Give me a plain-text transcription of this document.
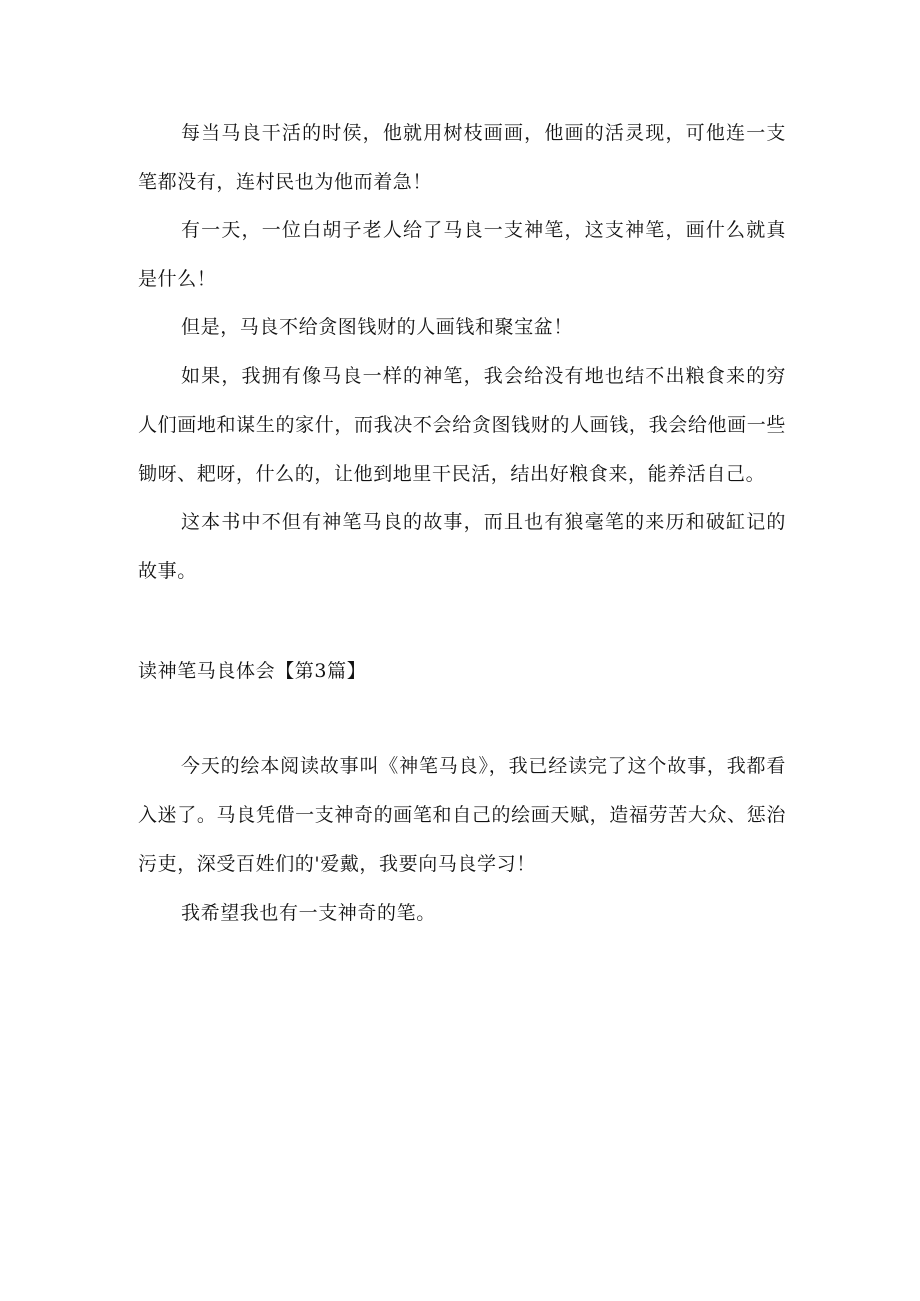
每当马良干活的时侯，他就用树枝画画，他画的活灵现，可他连一支笔都没有，连村民也为他而着急！

有一天，一位白胡子老人给了马良一支神笔，这支神笔，画什么就真是什么！

但是，马良不给贪图钱财的人画钱和聚宝盆！

如果，我拥有像马良一样的神笔，我会给没有地也结不出粮食来的穷人们画地和谋生的家什，而我决不会给贪图钱财的人画钱，我会给他画一些锄呀、耙呀，什么的，让他到地里干民活，结出好粮食来，能养活自己。

这本书中不但有神笔马良的故事，而且也有狼毫笔的来历和破缸记的故事。

读神笔马良体会【第3篇】

今天的绘本阅读故事叫《神笔马良》，我已经读完了这个故事，我都看入迷了。马良凭借一支神奇的画笔和自己的绘画天赋，造福劳苦大众、惩治污吏，深受百姓们的'爱戴，我要向马良学习！

我希望我也有一支神奇的笔。
